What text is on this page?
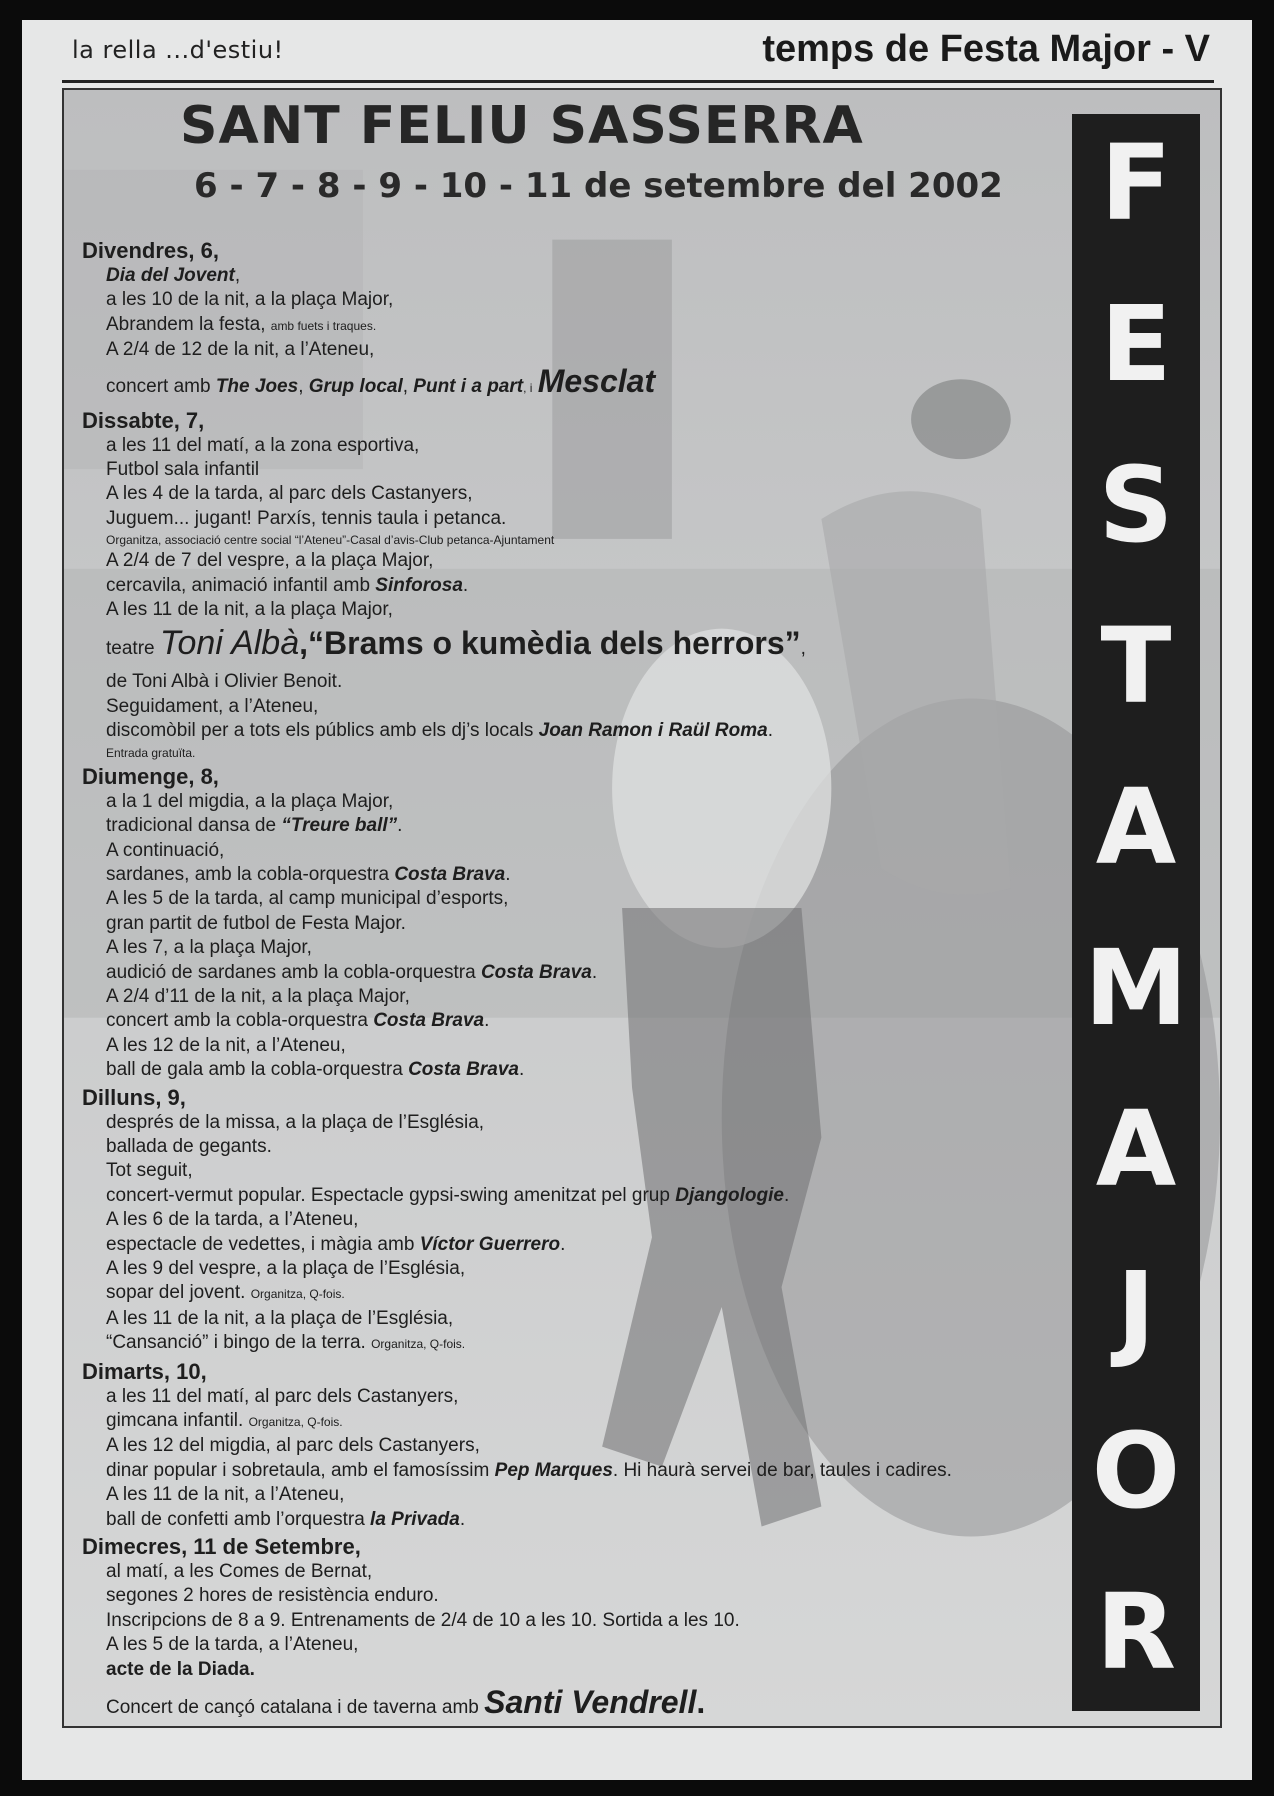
la rella ...d'estiu!	temps de Festa Major - V
SANT FELIU SASSERRA
6 - 7 - 8 - 9 - 10 - 11 de setembre del 2002
Divendres, 6,
Dia del Jovent,
a les 10 de la nit, a la plaça Major,
Abrandem la festa, amb fuets i traques.
A 2/4 de 12 de la nit, a l’Ateneu,
concert amb The Joes, Grup local, Punt i a part, i Mesclat
Dissabte, 7,
a les 11 del matí, a la zona esportiva,
Futbol sala infantil
A les 4 de la tarda, al parc dels Castanyers,
Juguem... jugant! Parxís, tennis taula i petanca.
Organitza, associació centre social “l’Ateneu”-Casal d’avis-Club petanca-Ajuntament
A 2/4 de 7 del vespre, a la plaça Major,
cercavila, animació infantil amb Sinforosa.
A les 11 de la nit, a la plaça Major,
teatre Toni Albà,“Brams o kumèdia dels herrors”,
de Toni Albà i Olivier Benoit.
Seguidament, a l’Ateneu,
discomòbil per a tots els públics amb els dj’s locals Joan Ramon i Raül Roma.
Entrada gratuïta.
Diumenge, 8,
a la 1 del migdia, a la plaça Major,
tradicional dansa de “Treure ball”.
A continuació,
sardanes, amb la cobla-orquestra Costa Brava.
A les 5 de la tarda, al camp municipal d’esports,
gran partit de futbol de Festa Major.
A les 7, a la plaça Major,
audició de sardanes amb la cobla-orquestra Costa Brava.
A 2/4 d’11 de la nit, a la plaça Major,
concert amb la cobla-orquestra Costa Brava.
A les 12 de la nit, a l’Ateneu,
ball de gala amb la cobla-orquestra Costa Brava.
Dilluns, 9,
després de la missa, a la plaça de l’Església,
ballada de gegants.
Tot seguit,
concert-vermut popular. Espectacle gypsi-swing amenitzat pel grup Djangologie.
A les 6 de la tarda, a l’Ateneu,
espectacle de vedettes, i màgia amb Víctor Guerrero.
A les 9 del vespre, a la plaça de l’Església,
sopar del jovent. Organitza, Q-fois.
A les 11 de la nit, a la plaça de l’Església,
“Cansanció” i bingo de la terra. Organitza, Q-fois.
Dimarts, 10,
a les 11 del matí, al parc dels Castanyers,
gimcana infantil. Organitza, Q-fois.
A les 12 del migdia, al parc dels Castanyers,
dinar popular i sobretaula, amb el famosíssim Pep Marques. Hi haurà servei de bar, taules i cadires.
A les 11 de la nit, a l’Ateneu,
ball de confetti amb l’orquestra la Privada.
Dimecres, 11 de Setembre,
al matí, a les Comes de Bernat,
segones 2 hores de resistència enduro.
Inscripcions de 8 a 9. Entrenaments de 2/4 de 10 a les 10. Sortida a les 10.
A les 5 de la tarda, a l’Ateneu,
acte de la Diada.
Concert de cançó catalana i de taverna amb Santi Vendrell.
F
E
S
T
A
M
A
J
O
R
